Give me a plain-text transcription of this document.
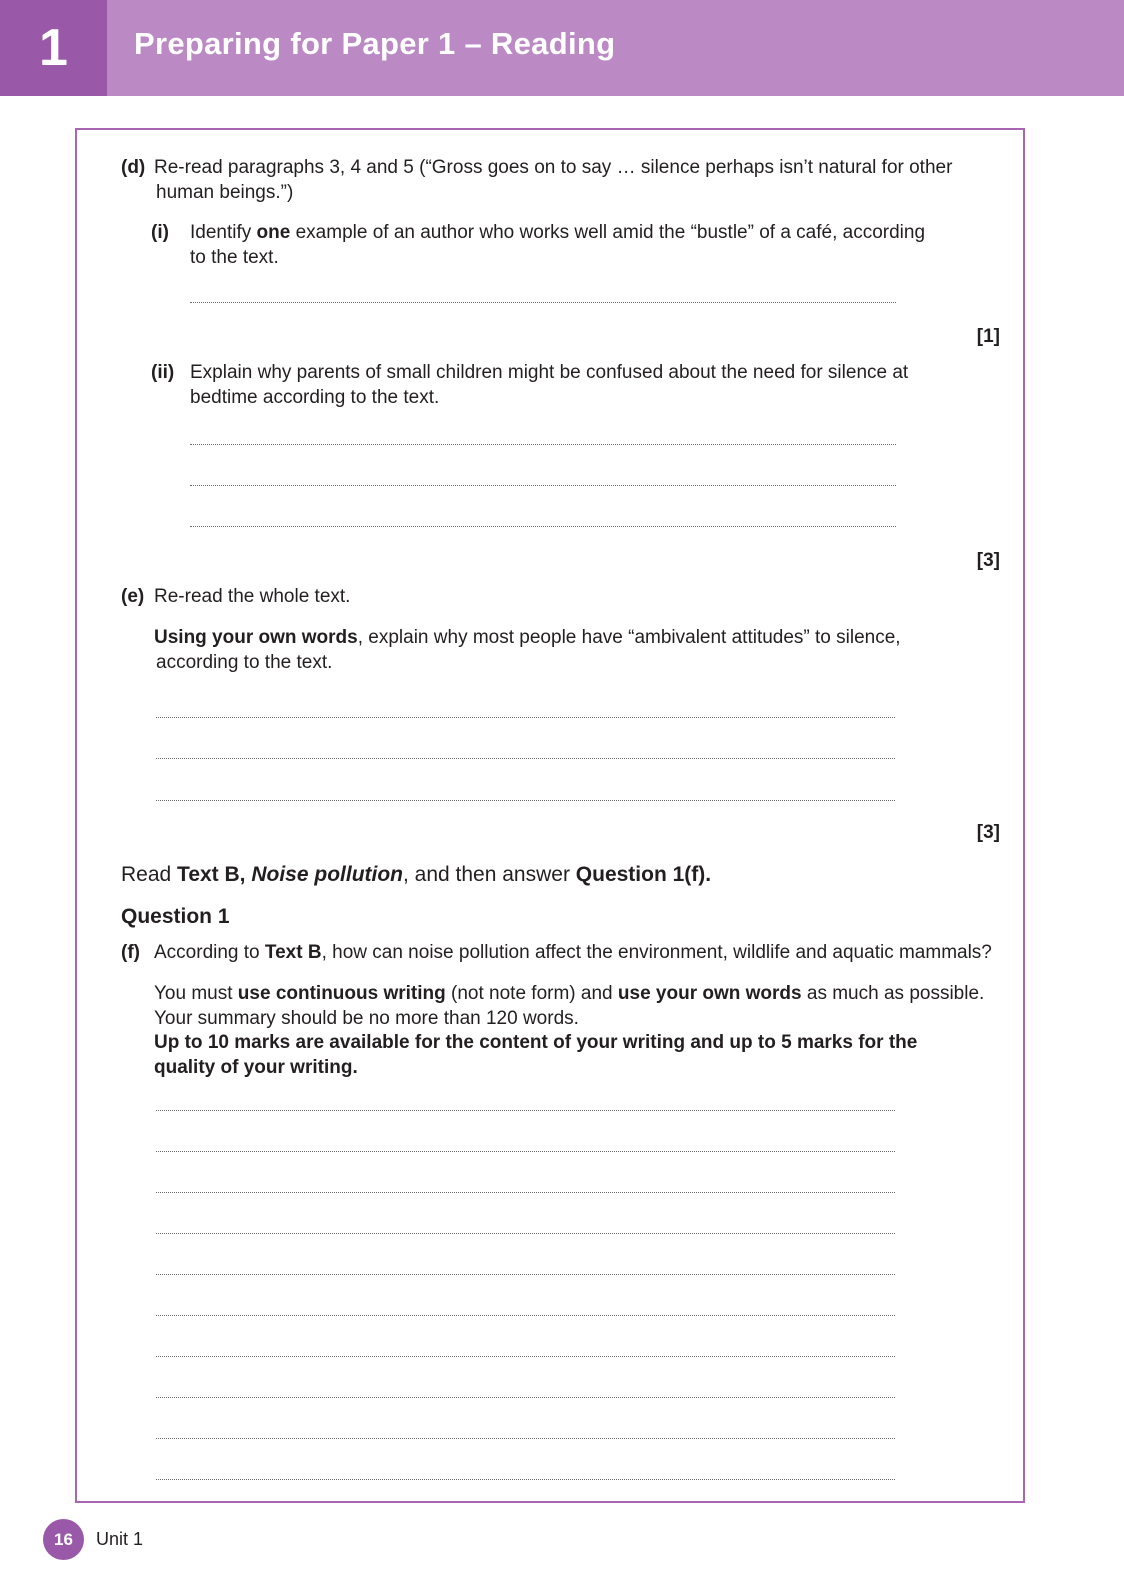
1	Preparing for Paper 1 – Reading
(d) Re-read paragraphs 3, 4 and 5 (“Gross goes on to say … silence perhaps isn’t natural for other
human beings.”)
(i) Identify one example of an author who works well amid the “bustle” of a café, according
to the text.
[1]
(ii) Explain why parents of small children might be confused about the need for silence at
bedtime according to the text.
[3]
(e) Re-read the whole text.
Using your own words, explain why most people have “ambivalent attitudes” to silence,
according to the text.
[3]
Read Text B, Noise pollution, and then answer Question 1(f).
Question 1
(f) According to Text B, how can noise pollution affect the environment, wildlife and aquatic mammals?
You must use continuous writing (not note form) and use your own words as much as possible.
Your summary should be no more than 120 words.
Up to 10 marks are available for the content of your writing and up to 5 marks for the
quality of your writing.
16	Unit 1
